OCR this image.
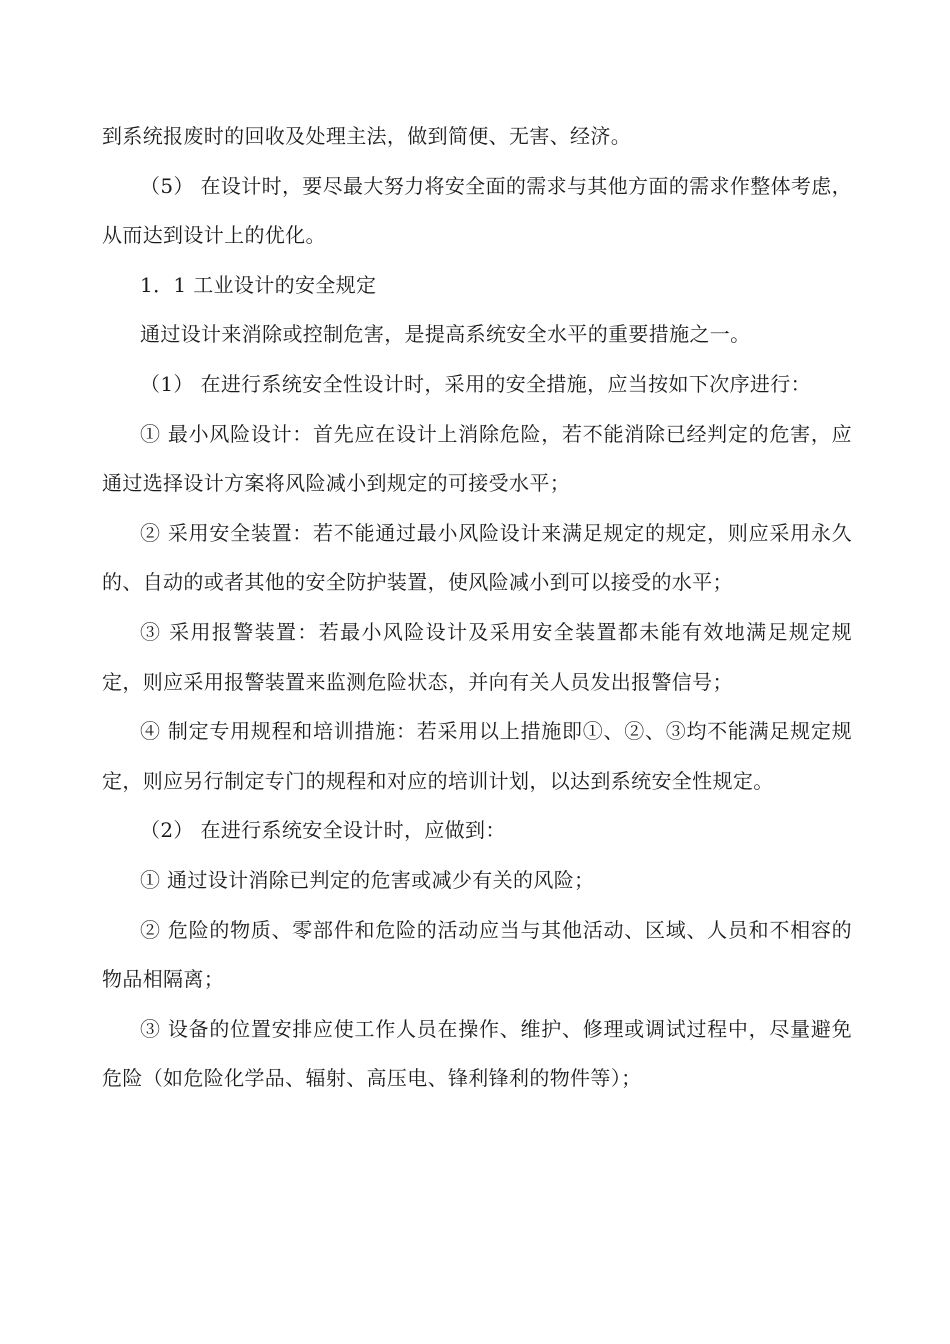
到系统报废时的回收及处理主法，做到简便、无害、经济。

（5） 在设计时，要尽最大努力将安全面的需求与其他方面的需求作整体考虑，从而达到设计上的优化。

1．1 工业设计的安全规定

通过设计来消除或控制危害，是提高系统安全水平的重要措施之一。

（1） 在进行系统安全性设计时，采用的安全措施，应当按如下次序进行：

① 最小风险设计：首先应在设计上消除危险，若不能消除已经判定的危害，应通过选择设计方案将风险减小到规定的可接受水平；

② 采用安全装置：若不能通过最小风险设计来满足规定的规定，则应采用永久的、自动的或者其他的安全防护装置，使风险减小到可以接受的水平；

③ 采用报警装置：若最小风险设计及采用安全装置都未能有效地满足规定规定，则应采用报警装置来监测危险状态，并向有关人员发出报警信号；

④ 制定专用规程和培训措施：若采用以上措施即①、②、③均不能满足规定规定，则应另行制定专门的规程和对应的培训计划，以达到系统安全性规定。

（2） 在进行系统安全设计时，应做到：

① 通过设计消除已判定的危害或减少有关的风险；

② 危险的物质、零部件和危险的活动应当与其他活动、区域、人员和不相容的物品相隔离；

③ 设备的位置安排应使工作人员在操作、维护、修理或调试过程中，尽量避免危险（如危险化学品、辐射、高压电、锋利锋利的物件等）；
